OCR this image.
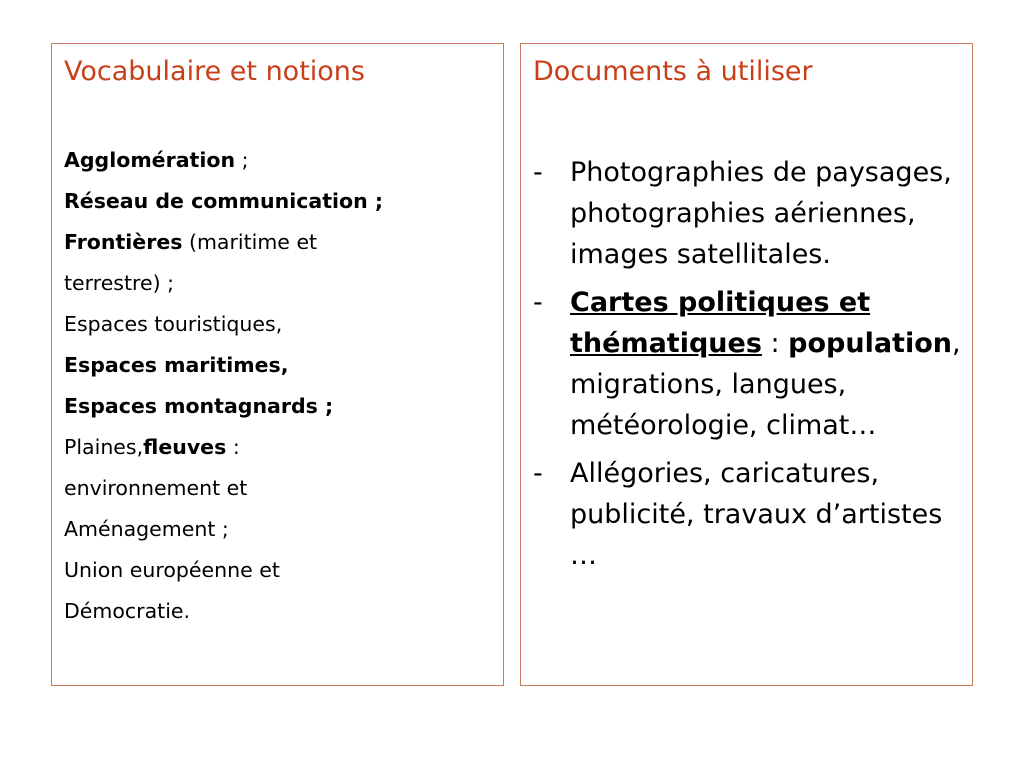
Vocabulaire et notions
Agglomération ;
Réseau de communication ;
Frontières (maritime et
terrestre) ;
Espaces touristiques,
Espaces maritimes,
Espaces montagnards ;
Plaines,fleuves :
environnement et
Aménagement ;
Union européenne et
Démocratie.
Documents à utiliser
- Photographies de paysages, photographies aériennes, images satellitales.
- Cartes politiques et thématiques : population, migrations, langues, météorologie, climat…
- Allégories, caricatures, publicité, travaux d’artistes …
